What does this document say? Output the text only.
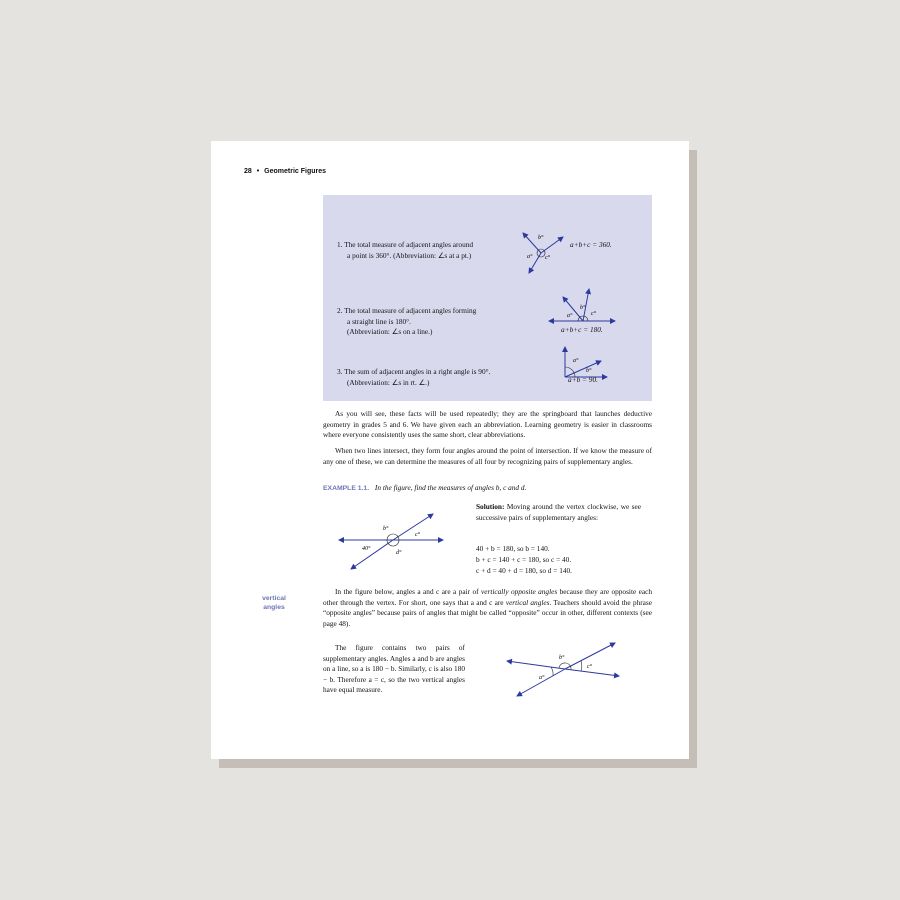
28 • Geometric Figures
1. The total measure of adjacent angles around
a point is 360°. (Abbreviation: ∠s at a pt.)
b°
a° c°
a+b+c = 360.
2. The total measure of adjacent angles forming
a straight line is 180°.
(Abbreviation: ∠s on a line.)
b°
a°	c°
a+b+c = 180.
3. The sum of adjacent angles in a right angle is 90°.
(Abbreviation: ∠s in rt. ∠.)
a°
b°
a+b = 90.
As you will see, these facts will be used repeatedly; they are the springboard that launches deductive geometry in grades 5 and 6. We have given each an abbreviation. Learning geometry is easier in classrooms where everyone consistently uses the same short, clear abbreviations.
When two lines intersect, they form four angles around the point of intersection. If we know the measure of any one of these, we can determine the measures of all four by recognizing pairs of supplementary angles.
EXAMPLE 1.1. In the figure, find the measures of angles b, c and d.
b°
c°
40°
d°
Solution: Moving around the vertex clockwise, we see successive pairs of supplementary angles:
40 + b = 180, so b = 140.
b + c = 140 + c = 180, so c = 40.
c + d = 40 + d = 180, so d = 140.
vertical
angles
In the figure below, angles a and c are a pair of vertically opposite angles because they are opposite each other through the vertex. For short, one says that a and c are vertical angles. Teachers should avoid the phrase “opposite angles” because pairs of angles that might be called “opposite” occur in other, different contexts (see page 48).
The figure contains two pairs of supplementary angles. Angles a and b are angles on a line, so a is 180 − b. Similarly, c is also 180 − b. Therefore a = c, so the two vertical angles have equal measure.
b°
c°
a°
